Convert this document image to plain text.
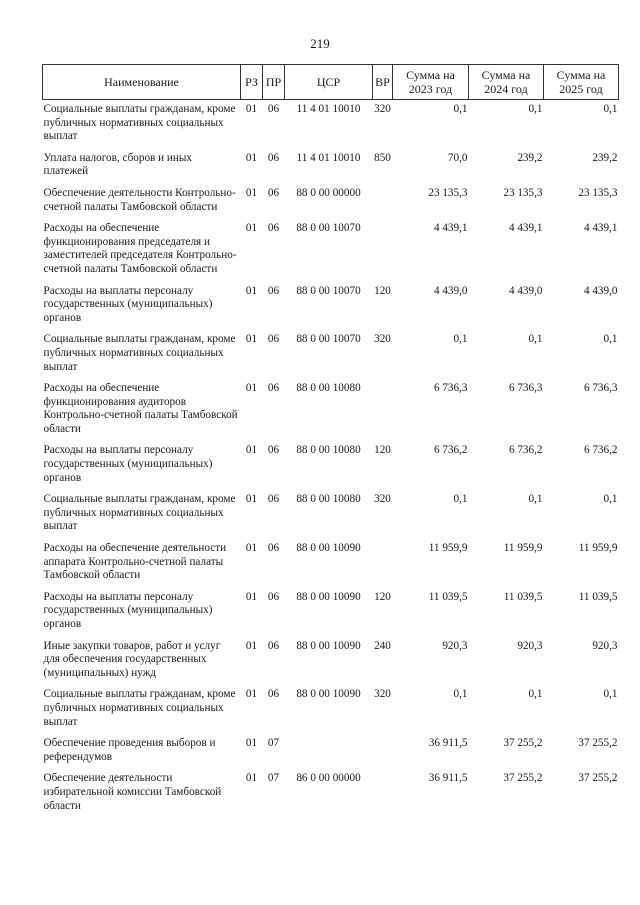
219
Наименование	РЗ	ПР	ЦСР	ВР	Сумма на 2023 год	Сумма на 2024 год	Сумма на 2025 год
Социальные выплаты гражданам, кроме публичных нормативных социальных выплат	01	06	11 4 01 10010	320	0,1	0,1	0,1
Уплата налогов, сборов и иных платежей	01	06	11 4 01 10010	850	70,0	239,2	239,2
Обеспечение деятельности Контрольно-счетной палаты Тамбовской области	01	06	88 0 00 00000		23 135,3	23 135,3	23 135,3
Расходы на обеспечение функционирования председателя и заместителей председателя Контрольно-счетной палаты Тамбовской области	01	06	88 0 00 10070		4 439,1	4 439,1	4 439,1
Расходы на выплаты персоналу государственных (муниципальных) органов	01	06	88 0 00 10070	120	4 439,0	4 439,0	4 439,0
Социальные выплаты гражданам, кроме публичных нормативных социальных выплат	01	06	88 0 00 10070	320	0,1	0,1	0,1
Расходы на обеспечение функционирования аудиторов Контрольно-счетной палаты Тамбовской области	01	06	88 0 00 10080		6 736,3	6 736,3	6 736,3
Расходы на выплаты персоналу государственных (муниципальных) органов	01	06	88 0 00 10080	120	6 736,2	6 736,2	6 736,2
Социальные выплаты гражданам, кроме публичных нормативных социальных выплат	01	06	88 0 00 10080	320	0,1	0,1	0,1
Расходы на обеспечение деятельности аппарата Контрольно-счетной палаты Тамбовской области	01	06	88 0 00 10090		11 959,9	11 959,9	11 959,9
Расходы на выплаты персоналу государственных (муниципальных) органов	01	06	88 0 00 10090	120	11 039,5	11 039,5	11 039,5
Иные закупки товаров, работ и услуг для обеспечения государственных (муниципальных) нужд	01	06	88 0 00 10090	240	920,3	920,3	920,3
Социальные выплаты гражданам, кроме публичных нормативных социальных выплат	01	06	88 0 00 10090	320	0,1	0,1	0,1
Обеспечение проведения выборов и референдумов	01	07			36 911,5	37 255,2	37 255,2
Обеспечение деятельности избирательной комиссии Тамбовской области	01	07	86 0 00 00000		36 911,5	37 255,2	37 255,2
